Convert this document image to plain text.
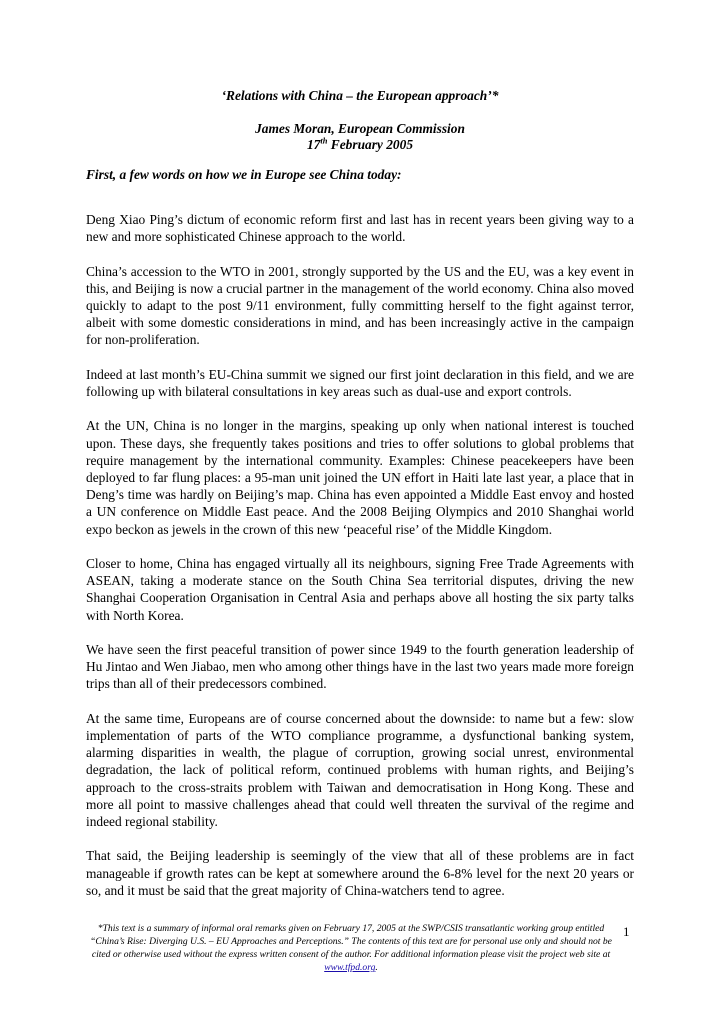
‘Relations with China – the European approach’*
James Moran, European Commission
17th February 2005
First, a few words on how we in Europe see China today:

Deng Xiao Ping’s dictum of economic reform first and last has in recent years been giving way to a new and more sophisticated Chinese approach to the world.

China’s accession to the WTO in 2001, strongly supported by the US and the EU, was a key event in this, and Beijing is now a crucial partner in the management of the world economy. China also moved quickly to adapt to the post 9/11 environment, fully committing herself to the fight against terror, albeit with some domestic considerations in mind, and has been increasingly active in the campaign for non-proliferation.

Indeed at last month’s EU-China summit we signed our first joint declaration in this field, and we are following up with bilateral consultations in key areas such as dual-use and export controls.

At the UN, China is no longer in the margins, speaking up only when national interest is touched upon. These days, she frequently takes positions and tries to offer solutions to global problems that require management by the international community. Examples: Chinese peacekeepers have been deployed to far flung places: a 95-man unit joined the UN effort in Haiti late last year, a place that in Deng’s time was hardly on Beijing’s map. China has even appointed a Middle East envoy and hosted a UN conference on Middle East peace. And the 2008 Beijing Olympics and 2010 Shanghai world expo beckon as jewels in the crown of this new ‘peaceful rise’ of the Middle Kingdom.

Closer to home, China has engaged virtually all its neighbours, signing Free Trade Agreements with ASEAN, taking a moderate stance on the South China Sea territorial disputes, driving the new Shanghai Cooperation Organisation in Central Asia and perhaps above all hosting the six party talks with North Korea.

We have seen the first peaceful transition of power since 1949 to the fourth generation leadership of Hu Jintao and Wen Jiabao, men who among other things have in the last two years made more foreign trips than all of their predecessors combined.

At the same time, Europeans are of course concerned about the downside: to name but a few: slow implementation of parts of the WTO compliance programme, a dysfunctional banking system, alarming disparities in wealth, the plague of corruption, growing social unrest, environmental degradation, the lack of political reform, continued problems with human rights, and Beijing’s approach to the cross-straits problem with Taiwan and democratisation in Hong Kong. These and more all point to massive challenges ahead that could well threaten the survival of the regime and indeed regional stability.

That said, the Beijing leadership is seemingly of the view that all of these problems are in fact manageable if growth rates can be kept at somewhere around the 6-8% level for the next 20 years or so, and it must be said that the great majority of China-watchers tend to agree.

*This text is a summary of informal oral remarks given on February 17, 2005 at the SWP/CSIS transatlantic working group entitled “China’s Rise: Diverging U.S. – EU Approaches and Perceptions.” The contents of this text are for personal use only and should not be cited or otherwise used without the express written consent of the author. For additional information please visit the project web site at www.tfpd.org.
1
